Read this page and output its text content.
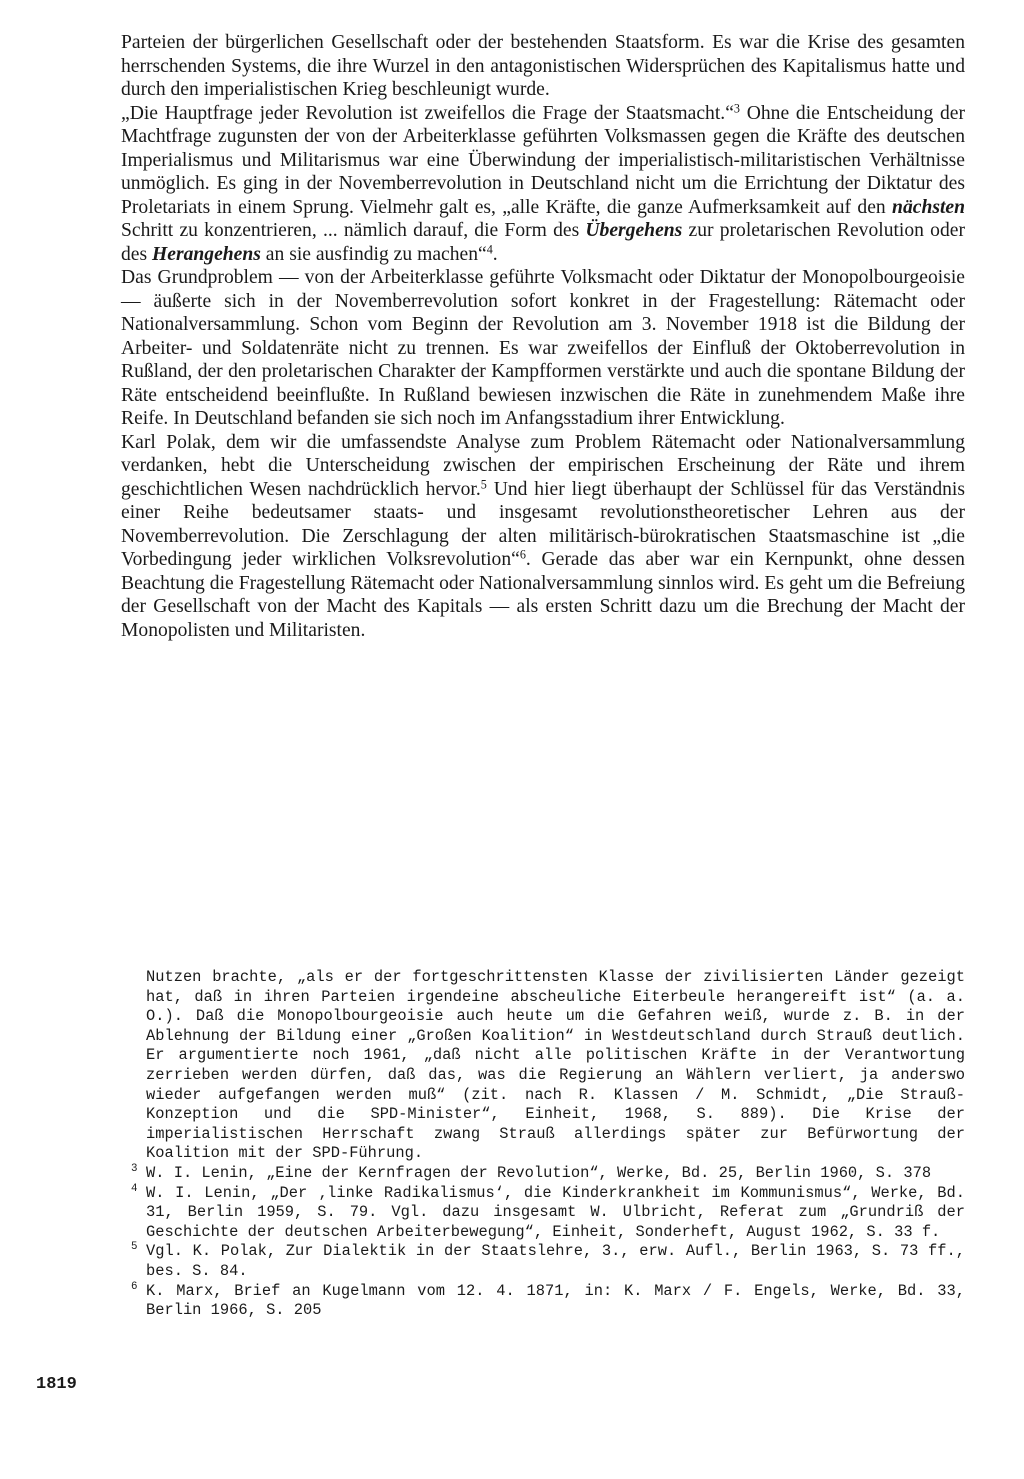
Parteien der bürgerlichen Gesellschaft oder der bestehenden Staatsform. Es war die Krise des gesamten herrschenden Systems, die ihre Wurzel in den antagonistischen Widersprüchen des Kapitalismus hatte und durch den imperialistischen Krieg beschleunigt wurde.

„Die Hauptfrage jeder Revolution ist zweifellos die Frage der Staatsmacht.“$^3$ Ohne die Entscheidung der Machtfrage zugunsten der von der Arbeiterklasse geführten Volksmassen gegen die Kräfte des deutschen Imperialismus und Militarismus war eine Überwindung der imperialistisch-militaristischen Verhältnisse unmöglich. Es ging in der Novemberrevolution in Deutschland nicht um die Errichtung der Diktatur des Proletariats in einem Sprung. Vielmehr galt es, „alle Kräfte, die ganze Aufmerksamkeit auf den nächsten Schritt zu konzentrieren, ... nämlich darauf, die Form des Übergehens zur proletarischen Revolution oder des Herangehens an sie ausfindig zu machen“$^4$.

Das Grundproblem — von der Arbeiterklasse geführte Volksmacht oder Diktatur der Monopolbourgeoisie — äußerte sich in der Novemberrevolution sofort konkret in der Fragestellung: Rätemacht oder Nationalversammlung. Schon vom Beginn der Revolution am 3. November 1918 ist die Bildung der Arbeiter- und Soldatenräte nicht zu trennen. Es war zweifellos der Einfluß der Oktoberrevolution in Rußland, der den proletarischen Charakter der Kampfformen verstärkte und auch die spontane Bildung der Räte entscheidend beeinflußte. In Rußland bewiesen inzwischen die Räte in zunehmendem Maße ihre Reife. In Deutschland befanden sie sich noch im Anfangsstadium ihrer Entwicklung.

Karl Polak, dem wir die umfassendste Analyse zum Problem Rätemacht oder Nationalversammlung verdanken, hebt die Unterscheidung zwischen der empirischen Erscheinung der Räte und ihrem geschichtlichen Wesen nachdrücklich hervor.$^5$ Und hier liegt überhaupt der Schlüssel für das Verständnis einer Reihe bedeutsamer staats- und insgesamt revolutionstheoretischer Lehren aus der Novemberrevolution. Die Zerschlagung der alten militärisch-bürokratischen Staatsmaschine ist „die Vorbedingung jeder wirklichen Volksrevolution“$^6$. Gerade das aber war ein Kernpunkt, ohne dessen Beachtung die Fragestellung Rätemacht oder Nationalversammlung sinnlos wird. Es geht um die Befreiung der Gesellschaft von der Macht des Kapitals — als ersten Schritt dazu um die Brechung der Macht der Monopolisten und Militaristen.

Nutzen brachte, „als er der fortgeschrittensten Klasse der zivilisierten Länder gezeigt hat, daß in ihren Parteien irgendeine abscheuliche Eiterbeule herangereift ist“ (a. a. O.). Daß die Monopolbourgeoisie auch heute um die Gefahren weiß, wurde z. B. in der Ablehnung der Bildung einer „Großen Koalition“ in Westdeutschland durch Strauß deutlich. Er argumentierte noch 1961, „daß nicht alle politischen Kräfte in der Verantwortung zerrieben werden dürfen, daß das, was die Regierung an Wählern verliert, ja anderswo wieder aufgefangen werden muß“ (zit. nach R. Klassen / M. Schmidt, „Die Strauß-Konzeption und die SPD-Minister“, Einheit, 1968, S. 889). Die Krise der imperialistischen Herrschaft zwang Strauß allerdings später zur Befürwortung der Koalition mit der SPD-Führung.

3 W. I. Lenin, „Eine der Kernfragen der Revolution“, Werke, Bd. 25, Berlin 1960, S. 378

4 W. I. Lenin, „Der ‚linke Radikalismus‘, die Kinderkrankheit im Kommunismus“, Werke, Bd. 31, Berlin 1959, S. 79. Vgl. dazu insgesamt W. Ulbricht, Referat zum „Grundriß der Geschichte der deutschen Arbeiterbewegung“, Einheit, Sonderheft, August 1962, S. 33 f.

5 Vgl. K. Polak, Zur Dialektik in der Staatslehre, 3., erw. Aufl., Berlin 1963, S. 73 ff., bes. S. 84.

6 K. Marx, Brief an Kugelmann vom 12. 4. 1871, in: K. Marx / F. Engels, Werke, Bd. 33, Berlin 1966, S. 205

1819
